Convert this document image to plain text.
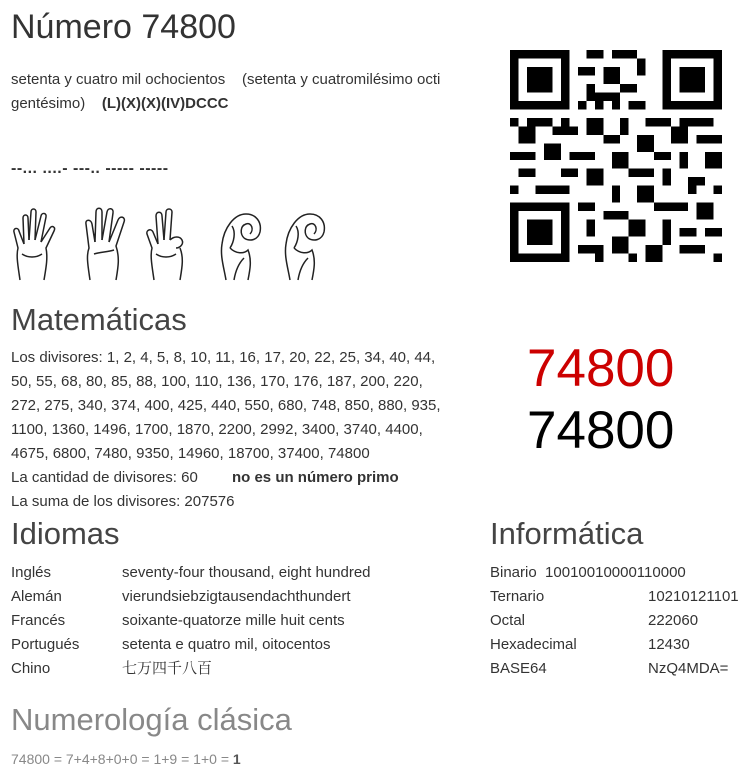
Número 74800
setenta y cuatro mil ochocientos (setenta y cuatromilésimo octi gentésimo) (L)(X)(X)(IV)DCCC
--... ....- ---.. ----- -----
Matemáticas
Los divisores: 1, 2, 4, 5, 8, 10, 11, 16, 17, 20, 22, 25, 34, 40, 44,
50, 55, 68, 80, 85, 88, 100, 110, 136, 170, 176, 187, 200, 220,
272, 275, 340, 374, 400, 425, 440, 550, 680, 748, 850, 880, 935,
1100, 1360, 1496, 1700, 1870, 2200, 2992, 3400, 3740, 4400,
4675, 6800, 7480, 9350, 14960, 18700, 37400, 74800
La cantidad de divisores: 60 no es un número primo
La suma de los divisores: 207576
74800
74800
Idiomas
Inglés	seventy-four thousand, eight hundred
Alemán	vierundsiebzigtausendachthundert
Francés	soixante-quatorze mille huit cents
Portugués	setenta e quatro mil, oitocentos
Chino	七万四千八百
Informática
Binario 10010010000110000
Ternario	10210121101
Octal	222060
Hexadecimal	12430
BASE64	NzQ4MDA=
Numerología clásica
74800 = 7+4+8+0+0 = 1+9 = 1+0 = 1
